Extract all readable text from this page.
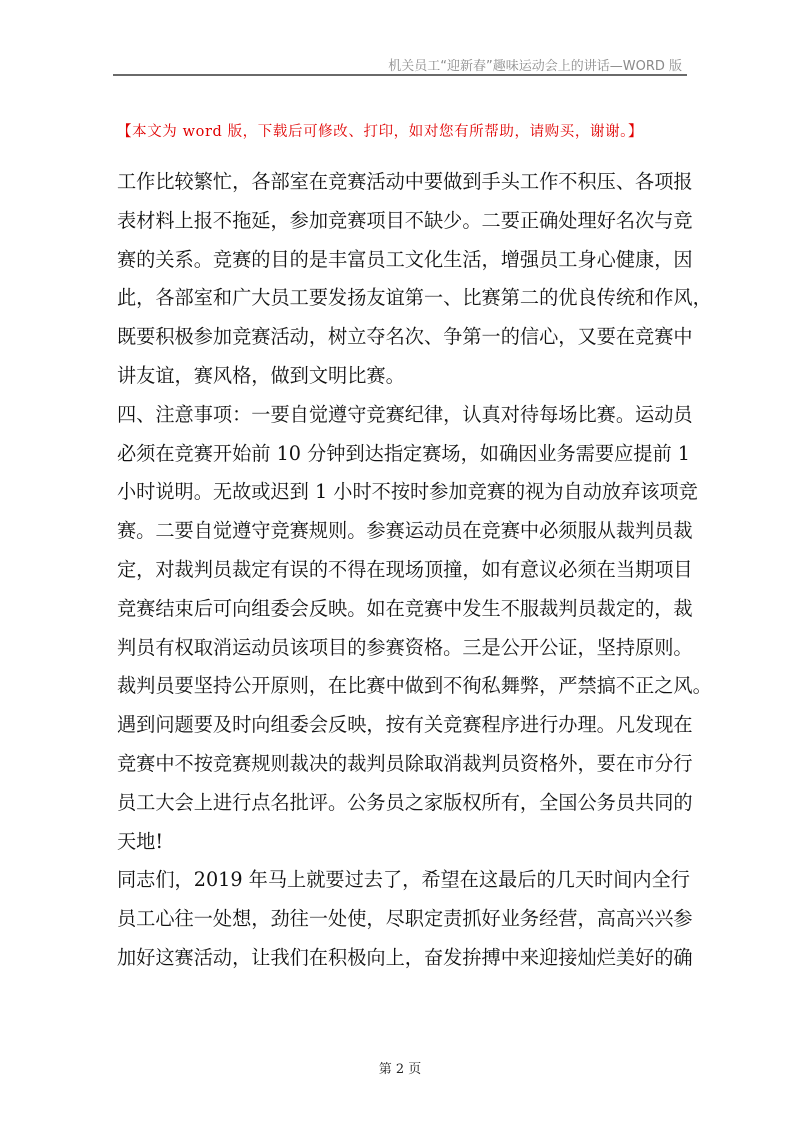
机关员工“迎新春”趣味运动会上的讲话—WORD 版
【本文为 word 版，下载后可修改、打印，如对您有所帮助，请购买，谢谢。】
工作比较繁忙，各部室在竞赛活动中要做到手头工作不积压、各项报
表材料上报不拖延，参加竞赛项目不缺少。二要正确处理好名次与竞
赛的关系。竞赛的目的是丰富员工文化生活，增强员工身心健康，因
此，各部室和广大员工要发扬友谊第一、比赛第二的优良传统和作风，
既要积极参加竞赛活动，树立夺名次、争第一的信心，又要在竞赛中
讲友谊，赛风格，做到文明比赛。
四、注意事项：一要自觉遵守竞赛纪律，认真对待每场比赛。运动员
必须在竞赛开始前 10 分钟到达指定赛场，如确因业务需要应提前 1
小时说明。无故或迟到 1 小时不按时参加竞赛的视为自动放弃该项竞
赛。二要自觉遵守竞赛规则。参赛运动员在竞赛中必须服从裁判员裁
定，对裁判员裁定有误的不得在现场顶撞，如有意议必须在当期项目
竞赛结束后可向组委会反映。如在竞赛中发生不服裁判员裁定的，裁
判员有权取消运动员该项目的参赛资格。三是公开公证，坚持原则。
裁判员要坚持公开原则，在比赛中做到不徇私舞弊，严禁搞不正之风。
遇到问题要及时向组委会反映，按有关竞赛程序进行办理。凡发现在
竞赛中不按竞赛规则裁决的裁判员除取消裁判员资格外，要在市分行
员工大会上进行点名批评。公务员之家版权所有，全国公务员共同的
天地!
同志们，2019 年马上就要过去了，希望在这最后的几天时间内全行
员工心往一处想，劲往一处使，尽职定责抓好业务经营，高高兴兴参
加好这赛活动，让我们在积极向上，奋发拚搏中来迎接灿烂美好的确
第 2 页
